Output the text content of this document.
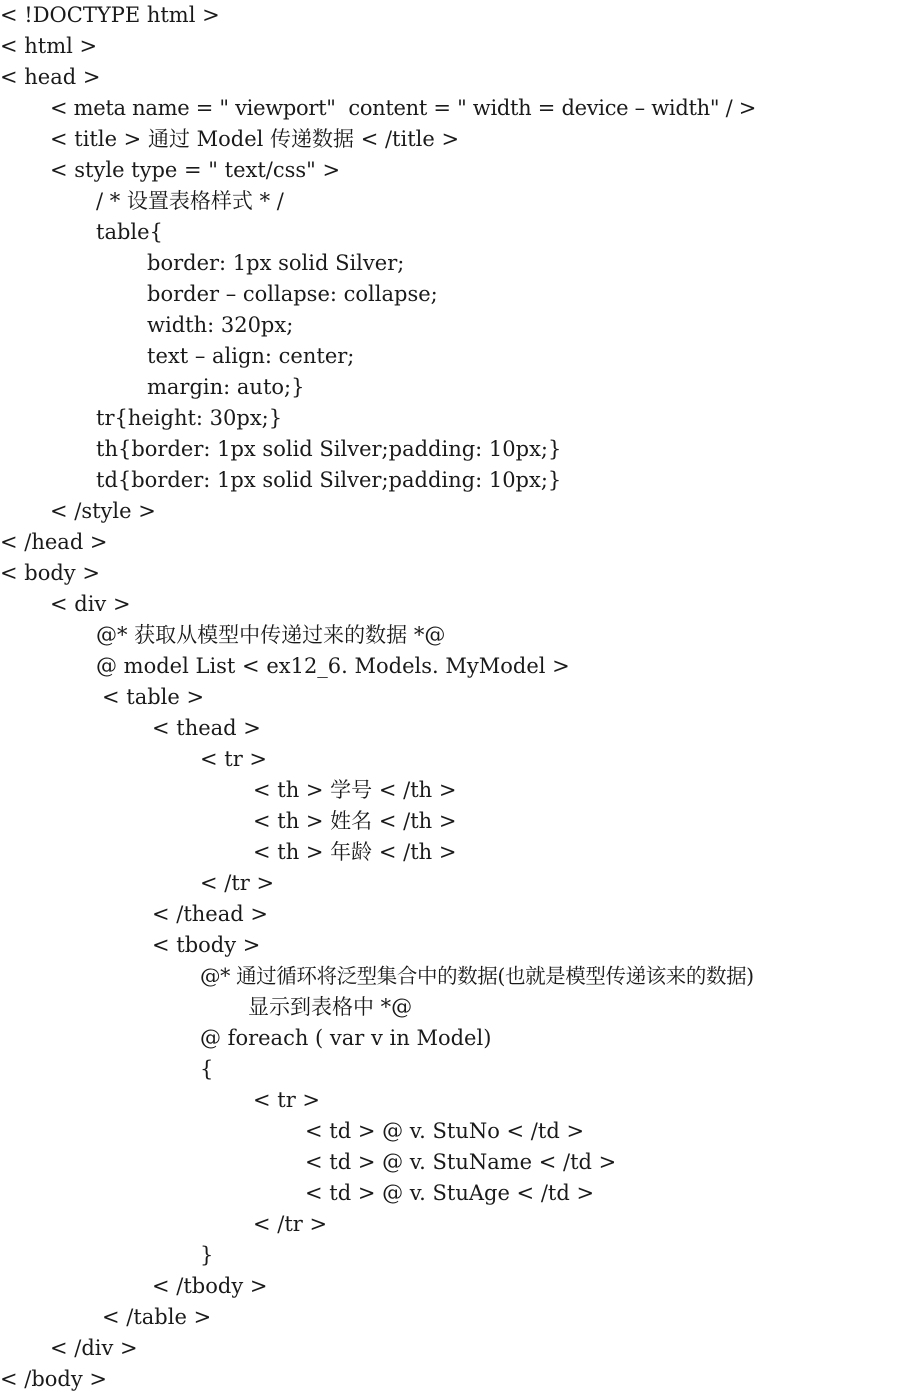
< !DOCTYPE html >
< html >
< head >
< meta name = " viewport"  content = " width = device – width" / >
< title > 通过 Model 传递数据 < /title >
< style type = " text/css" >
/ * 设置表格样式 * /
table{
border: 1px solid Silver;
border – collapse: collapse;
width: 320px;
text – align: center;
margin: auto;}
tr{height: 30px;}
th{border: 1px solid Silver;padding: 10px;}
td{border: 1px solid Silver;padding: 10px;}
< /style >
< /head >
< body >
< div >
@* 获取从模型中传递过来的数据 *@
@ model List < ex12_6. Models. MyModel >
< table >
< thead >
< tr >
< th > 学号 < /th >
< th > 姓名 < /th >
< th > 年龄 < /th >
< /tr >
< /thead >
< tbody >
@* 通过循环将泛型集合中的数据(也就是模型传递该来的数据)
显示到表格中 *@
@ foreach ( var v in Model)
{
< tr >
< td > @ v. StuNo < /td >
< td > @ v. StuName < /td >
< td > @ v. StuAge < /td >
< /tr >
}
< /tbody >
< /table >
< /div >
< /body >
